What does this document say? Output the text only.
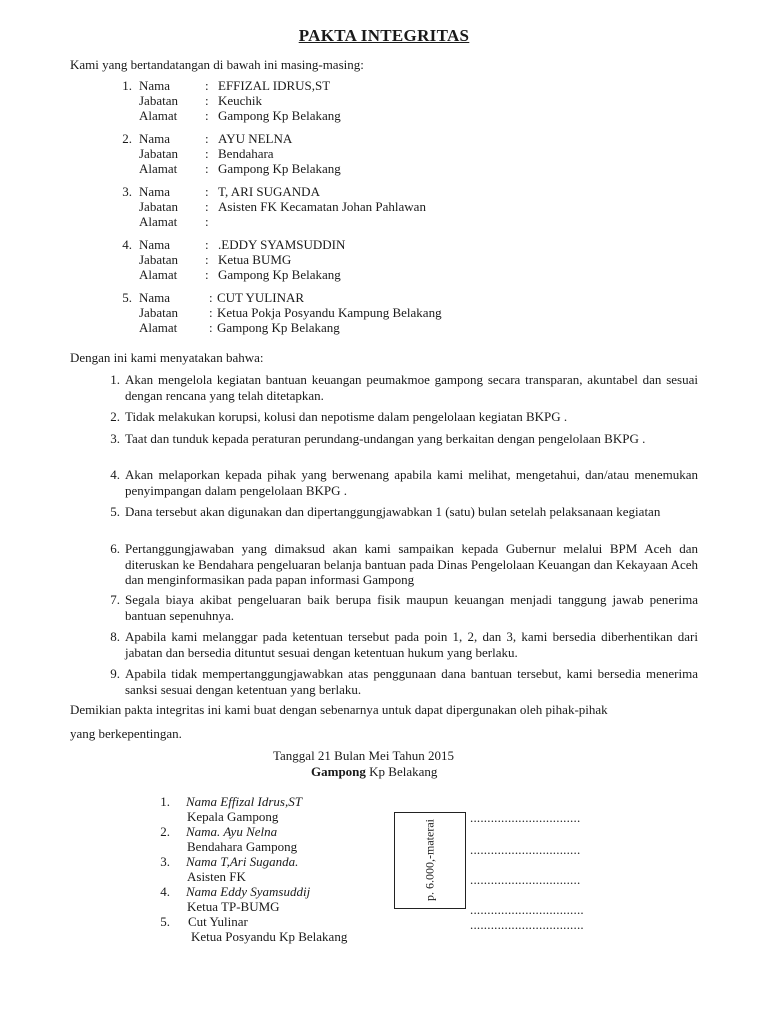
PAKTA INTEGRITAS
Kami yang bertandatangan di bawah ini masing-masing:
1. Nama	: EFFIZAL IDRUS,ST
Jabatan	: Keuchik
Alamat	: Gampong Kp Belakang
2. Nama	: AYU NELNA
Jabatan	: Bendahara
Alamat	: Gampong Kp Belakang
3. Nama	: T, ARI SUGANDA
Jabatan	: Asisten FK Kecamatan Johan Pahlawan
Alamat	:
4. Nama	: .EDDY SYAMSUDDIN
Jabatan	: Ketua BUMG
Alamat	: Gampong Kp Belakang
5. Nama	: CUT YULINAR
Jabatan	: Ketua Pokja Posyandu Kampung Belakang
Alamat	: Gampong Kp Belakang
Dengan ini kami menyatakan bahwa:
1. Akan mengelola kegiatan bantuan keuangan peumakmoe gampong secara transparan, akuntabel dan sesuai dengan rencana yang telah ditetapkan.
2. Tidak melakukan korupsi, kolusi dan nepotisme dalam pengelolaan kegiatan BKPG .
3. Taat dan tunduk kepada peraturan perundang-undangan yang berkaitan dengan pengelolaan BKPG .
4. Akan melaporkan kepada pihak yang berwenang apabila kami melihat, mengetahui, dan/atau menemukan penyimpangan dalam pengelolaan BKPG .
5. Dana tersebut akan digunakan dan dipertanggungjawabkan 1 (satu) bulan setelah pelaksanaan kegiatan
6. Pertanggungjawaban yang dimaksud akan kami sampaikan kepada Gubernur melalui BPM Aceh dan diteruskan ke Bendahara pengeluaran belanja bantuan pada Dinas Pengelolaan Keuangan dan Kekayaan Aceh dan menginformasikan pada papan informasi Gampong
7. Segala biaya akibat pengeluaran baik berupa fisik maupun keuangan menjadi tanggung jawab penerima bantuan sepenuhnya.
8. Apabila kami melanggar pada ketentuan tersebut pada poin 1, 2, dan 3, kami bersedia diberhentikan dari jabatan dan bersedia dituntut sesuai dengan ketentuan hukum yang berlaku.
9. Apabila tidak mempertanggungjawabkan atas penggunaan dana bantuan tersebut, kami bersedia menerima sanksi sesuai dengan ketentuan yang berlaku.
Demikian pakta integritas ini kami buat dengan sebenarnya untuk dapat dipergunakan oleh pihak-pihak
yang berkepentingan.
Tanggal 21 Bulan Mei Tahun 2015
Gampong Kp Belakang
1. Nama Effizal Idrus,ST
Kepala Gampong
2. Nama. Ayu Nelna
Bendahara Gampong
3. Nama T,Ari Suganda.
Asisten FK
4. Nama Eddy Syamsuddij
Ketua TP-BUMG
5. Cut Yulinar
Ketua Posyandu Kp Belakang
................................
................................
................................
.................................
.................................
p. 6.000,-materai
